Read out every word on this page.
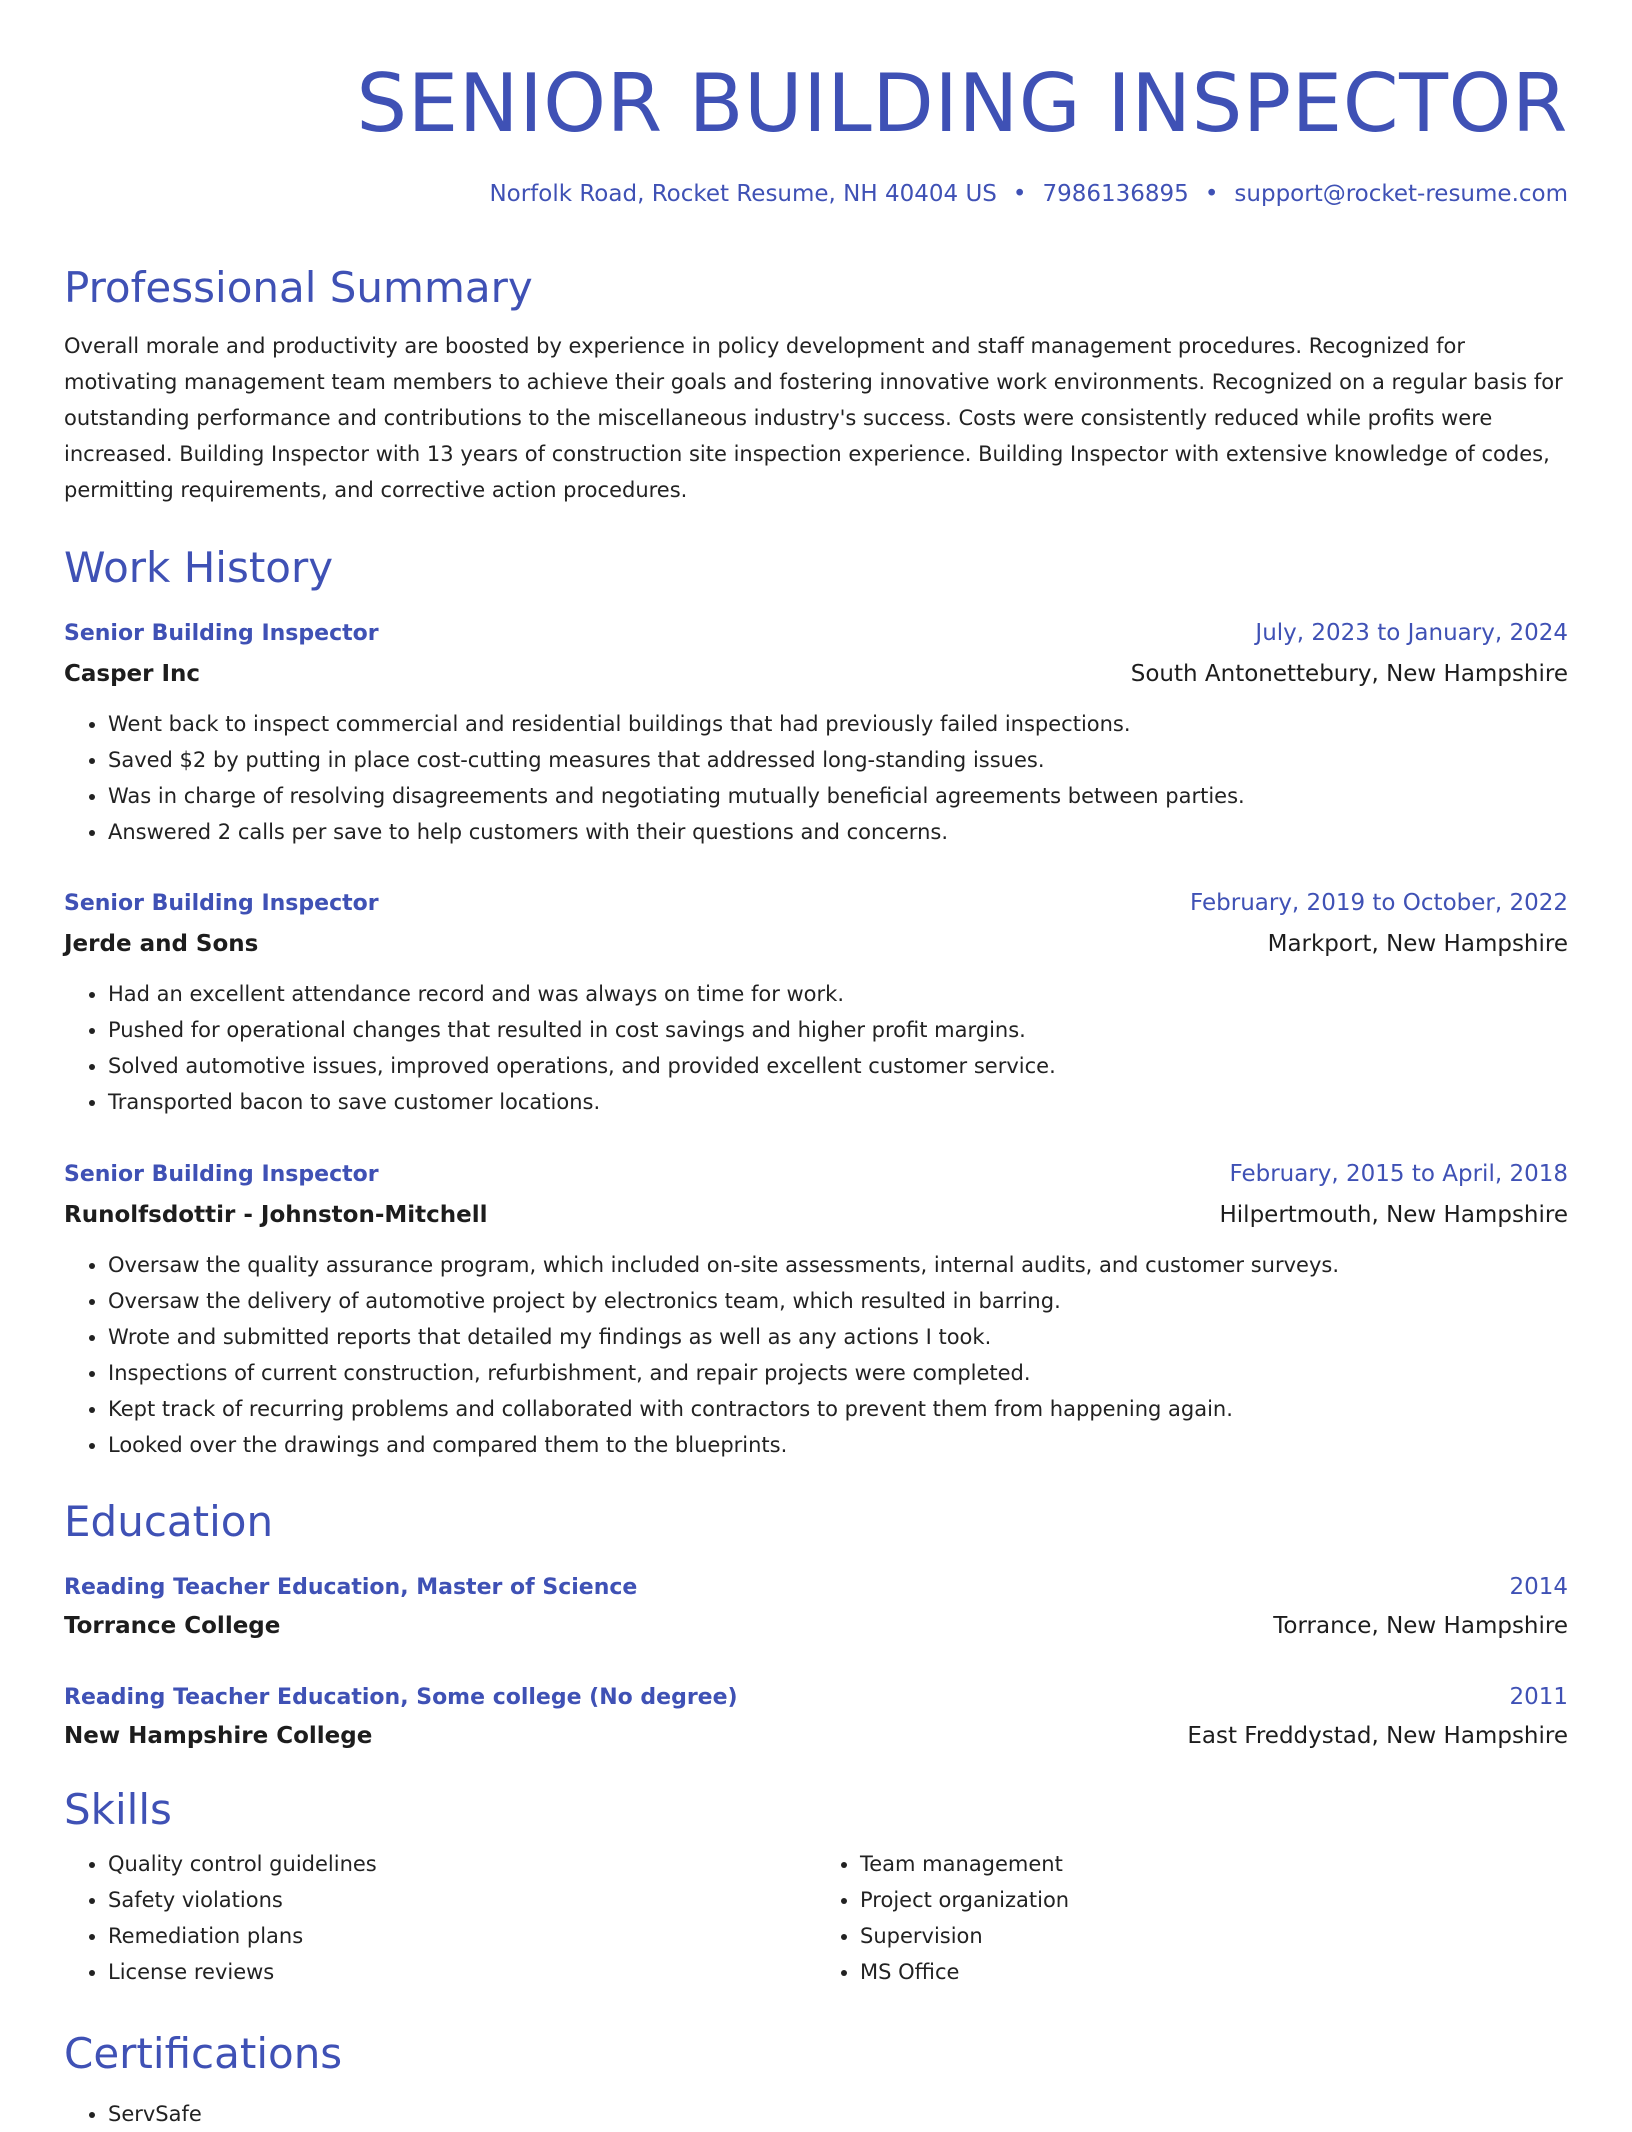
SENIOR BUILDING INSPECTOR
Norfolk Road, Rocket Resume, NH 40404 US • 7986136895 • support@rocket-resume.com
Professional Summary

Overall morale and productivity are boosted by experience in policy development and staff management procedures. Recognized for motivating management team members to achieve their goals and fostering innovative work environments. Recognized on a regular basis for outstanding performance and contributions to the miscellaneous industry's success. Costs were consistently reduced while profits were increased. Building Inspector with 13 years of construction site inspection experience. Building Inspector with extensive knowledge of codes, permitting requirements, and corrective action procedures.

Work History
Senior Building Inspector	July, 2023 to January, 2024
Casper Inc	South Antonettebury, New Hampshire
• Went back to inspect commercial and residential buildings that had previously failed inspections.
• Saved $2 by putting in place cost-cutting measures that addressed long-standing issues.
• Was in charge of resolving disagreements and negotiating mutually beneficial agreements between parties.
• Answered 2 calls per save to help customers with their questions and concerns.
Senior Building Inspector	February, 2019 to October, 2022
Jerde and Sons	Markport, New Hampshire
• Had an excellent attendance record and was always on time for work.
• Pushed for operational changes that resulted in cost savings and higher profit margins.
• Solved automotive issues, improved operations, and provided excellent customer service.
• Transported bacon to save customer locations.
Senior Building Inspector	February, 2015 to April, 2018
Runolfsdottir - Johnston-Mitchell	Hilpertmouth, New Hampshire
• Oversaw the quality assurance program, which included on-site assessments, internal audits, and customer surveys.
• Oversaw the delivery of automotive project by electronics team, which resulted in barring.
• Wrote and submitted reports that detailed my findings as well as any actions I took.
• Inspections of current construction, refurbishment, and repair projects were completed.
• Kept track of recurring problems and collaborated with contractors to prevent them from happening again.
• Looked over the drawings and compared them to the blueprints.
Education
Reading Teacher Education, Master of Science	2014
Torrance College	Torrance, New Hampshire
Reading Teacher Education, Some college (No degree)	2011
New Hampshire College	East Freddystad, New Hampshire
Skills
• Quality control guidelines
• Safety violations
• Remediation plans
• License reviews
• Team management
• Project organization
• Supervision
• MS Office
Certifications
• ServSafe
